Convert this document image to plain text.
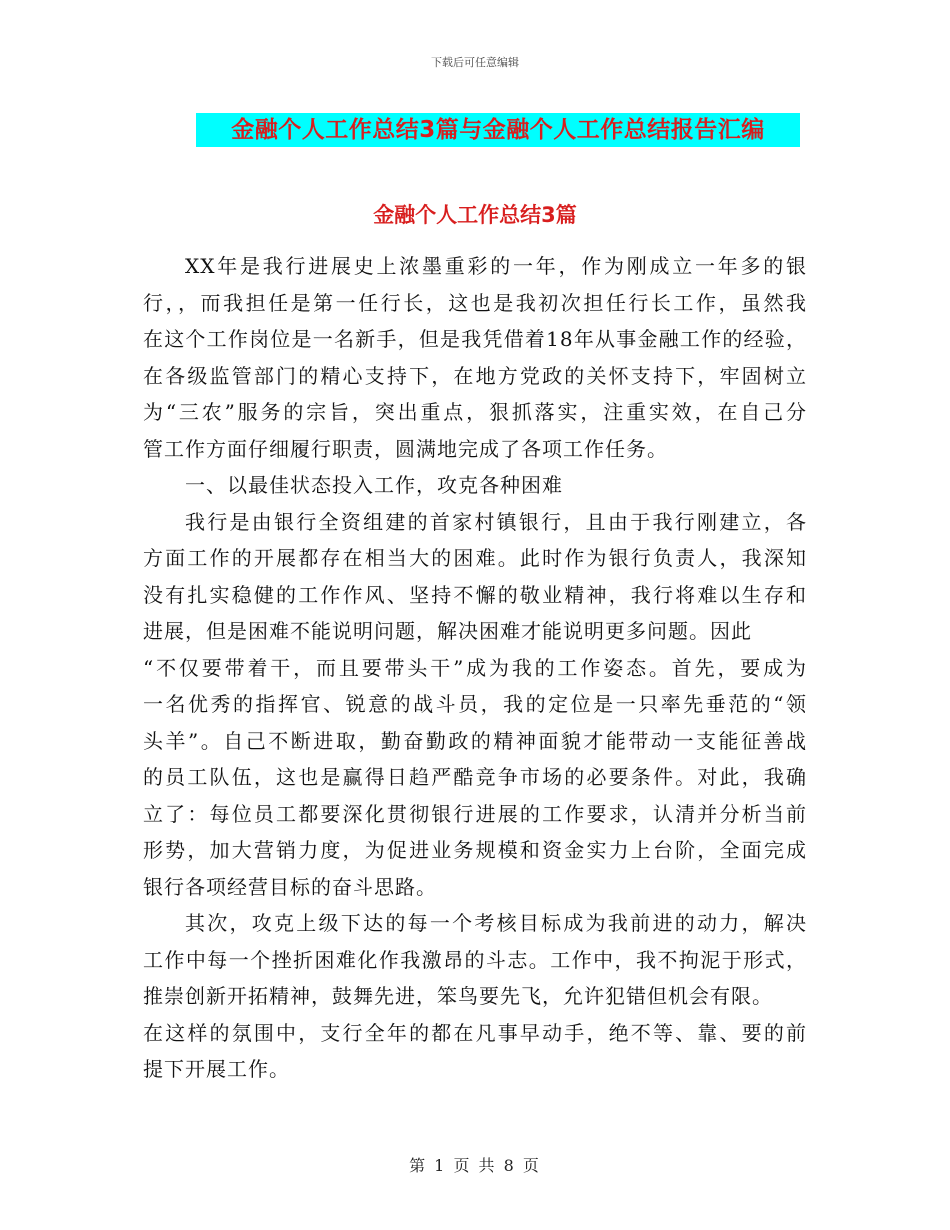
下载后可任意编辑
金融个人工作总结3篇与金融个人工作总结报告汇编
金融个人工作总结3篇
XX年是我行进展史上浓墨重彩的一年，作为刚成立一年多的银
行，，而我担任是第一任行长，这也是我初次担任行长工作，虽然我
在这个工作岗位是一名新手，但是我凭借着18年从事金融工作的经验，
在各级监管部门的精心支持下，在地方党政的关怀支持下，牢固树立
为“三农”服务的宗旨，突出重点，狠抓落实，注重实效，在自己分
管工作方面仔细履行职责，圆满地完成了各项工作任务。
一、以最佳状态投入工作，攻克各种困难
我行是由银行全资组建的首家村镇银行，且由于我行刚建立，各
方面工作的开展都存在相当大的困难。此时作为银行负责人，我深知
没有扎实稳健的工作作风、坚持不懈的敬业精神，我行将难以生存和
进展，但是困难不能说明问题，解决困难才能说明更多问题。因此
“不仅要带着干，而且要带头干”成为我的工作姿态。首先，要成为
一名优秀的指挥官、锐意的战斗员，我的定位是一只率先垂范的“领
头羊”。自己不断进取，勤奋勤政的精神面貌才能带动一支能征善战
的员工队伍，这也是赢得日趋严酷竞争市场的必要条件。对此，我确
立了：每位员工都要深化贯彻银行进展的工作要求，认清并分析当前
形势，加大营销力度，为促进业务规模和资金实力上台阶，全面完成
银行各项经营目标的奋斗思路。
其次，攻克上级下达的每一个考核目标成为我前进的动力，解决
工作中每一个挫折困难化作我激昂的斗志。工作中，我不拘泥于形式，
推崇创新开拓精神，鼓舞先进，笨鸟要先飞，允许犯错但机会有限。
在这样的氛围中，支行全年的都在凡事早动手，绝不等、靠、要的前
提下开展工作。
第 1 页 共 8 页
